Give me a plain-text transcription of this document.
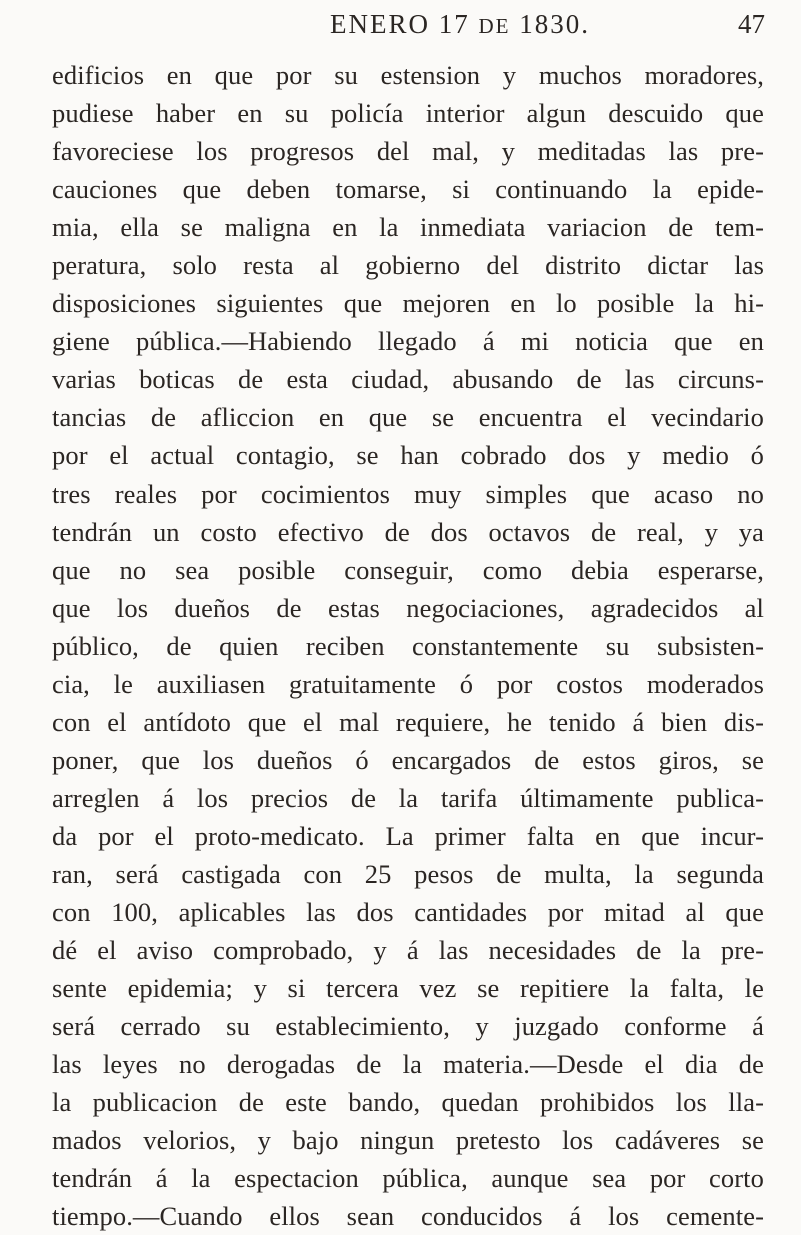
ENERO 17 DE 1830.	47
edificios en que por su estension y muchos moradores,
pudiese haber en su policía interior algun descuido que
favoreciese los progresos del mal, y meditadas las pre-
cauciones que deben tomarse, si continuando la epide-
mia, ella se maligna en la inmediata variacion de tem-
peratura, solo resta al gobierno del distrito dictar las
disposiciones siguientes que mejoren en lo posible la hi-
giene pública.—Habiendo llegado á mi noticia que en
varias boticas de esta ciudad, abusando de las circuns-
tancias de afliccion en que se encuentra el vecindario
por el actual contagio, se han cobrado dos y medio ó
tres reales por cocimientos muy simples que acaso no
tendrán un costo efectivo de dos octavos de real, y ya
que no sea posible conseguir, como debia esperarse,
que los dueños de estas negociaciones, agradecidos al
público, de quien reciben constantemente su subsisten-
cia, le auxiliasen gratuitamente ó por costos moderados
con el antídoto que el mal requiere, he tenido á bien dis-
poner, que los dueños ó encargados de estos giros, se
arreglen á los precios de la tarifa últimamente publica-
da por el proto-medicato. La primer falta en que incur-
ran, será castigada con 25 pesos de multa, la segunda
con 100, aplicables las dos cantidades por mitad al que
dé el aviso comprobado, y á las necesidades de la pre-
sente epidemia; y si tercera vez se repitiere la falta, le
será cerrado su establecimiento, y juzgado conforme á
las leyes no derogadas de la materia.—Desde el dia de
la publicacion de este bando, quedan prohibidos los lla-
mados velorios, y bajo ningun pretesto los cadáveres se
tendrán á la espectacion pública, aunque sea por corto
tiempo.—Cuando ellos sean conducidos á los cemente-
